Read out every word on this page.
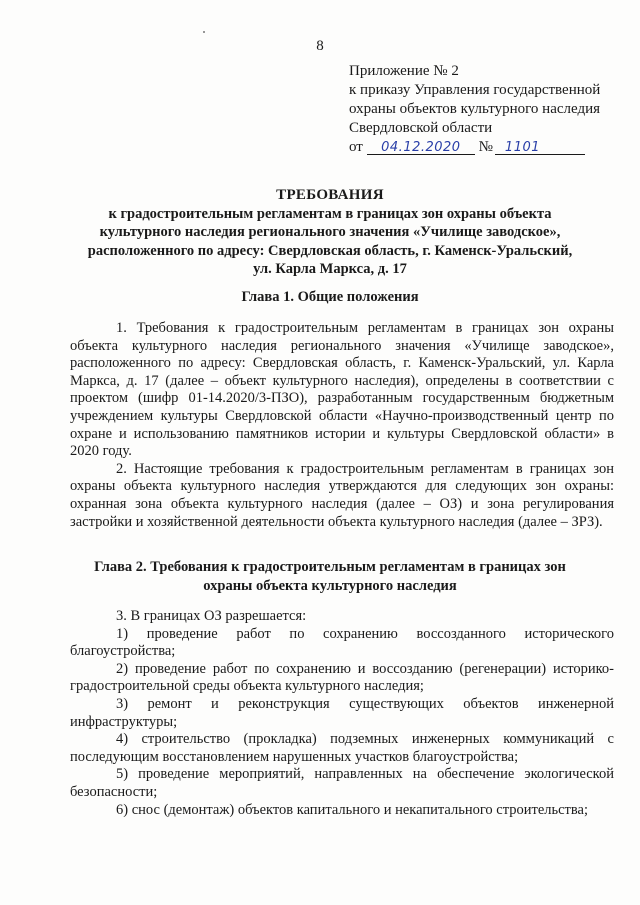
8
Приложение № 2
к приказу Управления государственной
охраны объектов культурного наследия
Свердловской области
от 04.12.2020 № 1101
ТРЕБОВАНИЯ
к градостроительным регламентам в границах зон охраны объекта
культурного наследия регионального значения «Училище заводское»,
расположенного по адресу: Свердловская область, г. Каменск-Уральский,
ул. Карла Маркса, д. 17
Глава 1. Общие положения

1. Требования к градостроительным регламентам в границах зон охраны объекта культурного наследия регионального значения «Училище заводское», расположенного по адресу: Свердловская область, г. Каменск-Уральский, ул. Карла Маркса, д. 17 (далее – объект культурного наследия), определены в соответствии с проектом (шифр 01-14.2020/3-ПЗО), разработанным государственным бюджетным учреждением культуры Свердловской области «Научно-производственный центр по охране и использованию памятников истории и культуры Свердловской области» в 2020 году.

2. Настоящие требования к градостроительным регламентам в границах зон охраны объекта культурного наследия утверждаются для следующих зон охраны: охранная зона объекта культурного наследия (далее – ОЗ) и зона регулирования застройки и хозяйственной деятельности объекта культурного наследия (далее – ЗРЗ).

Глава 2. Требования к градостроительным регламентам в границах зон
охраны объекта культурного наследия

3. В границах ОЗ разрешается:

1) проведение работ по сохранению воссозданного исторического благоустройства;

2) проведение работ по сохранению и воссозданию (регенерации) историко-градостроительной среды объекта культурного наследия;

3) ремонт и реконструкция существующих объектов инженерной инфраструктуры;

4) строительство (прокладка) подземных инженерных коммуникаций с последующим восстановлением нарушенных участков благоустройства;

5) проведение мероприятий, направленных на обеспечение экологической безопасности;

6) снос (демонтаж) объектов капитального и некапитального строительства;
